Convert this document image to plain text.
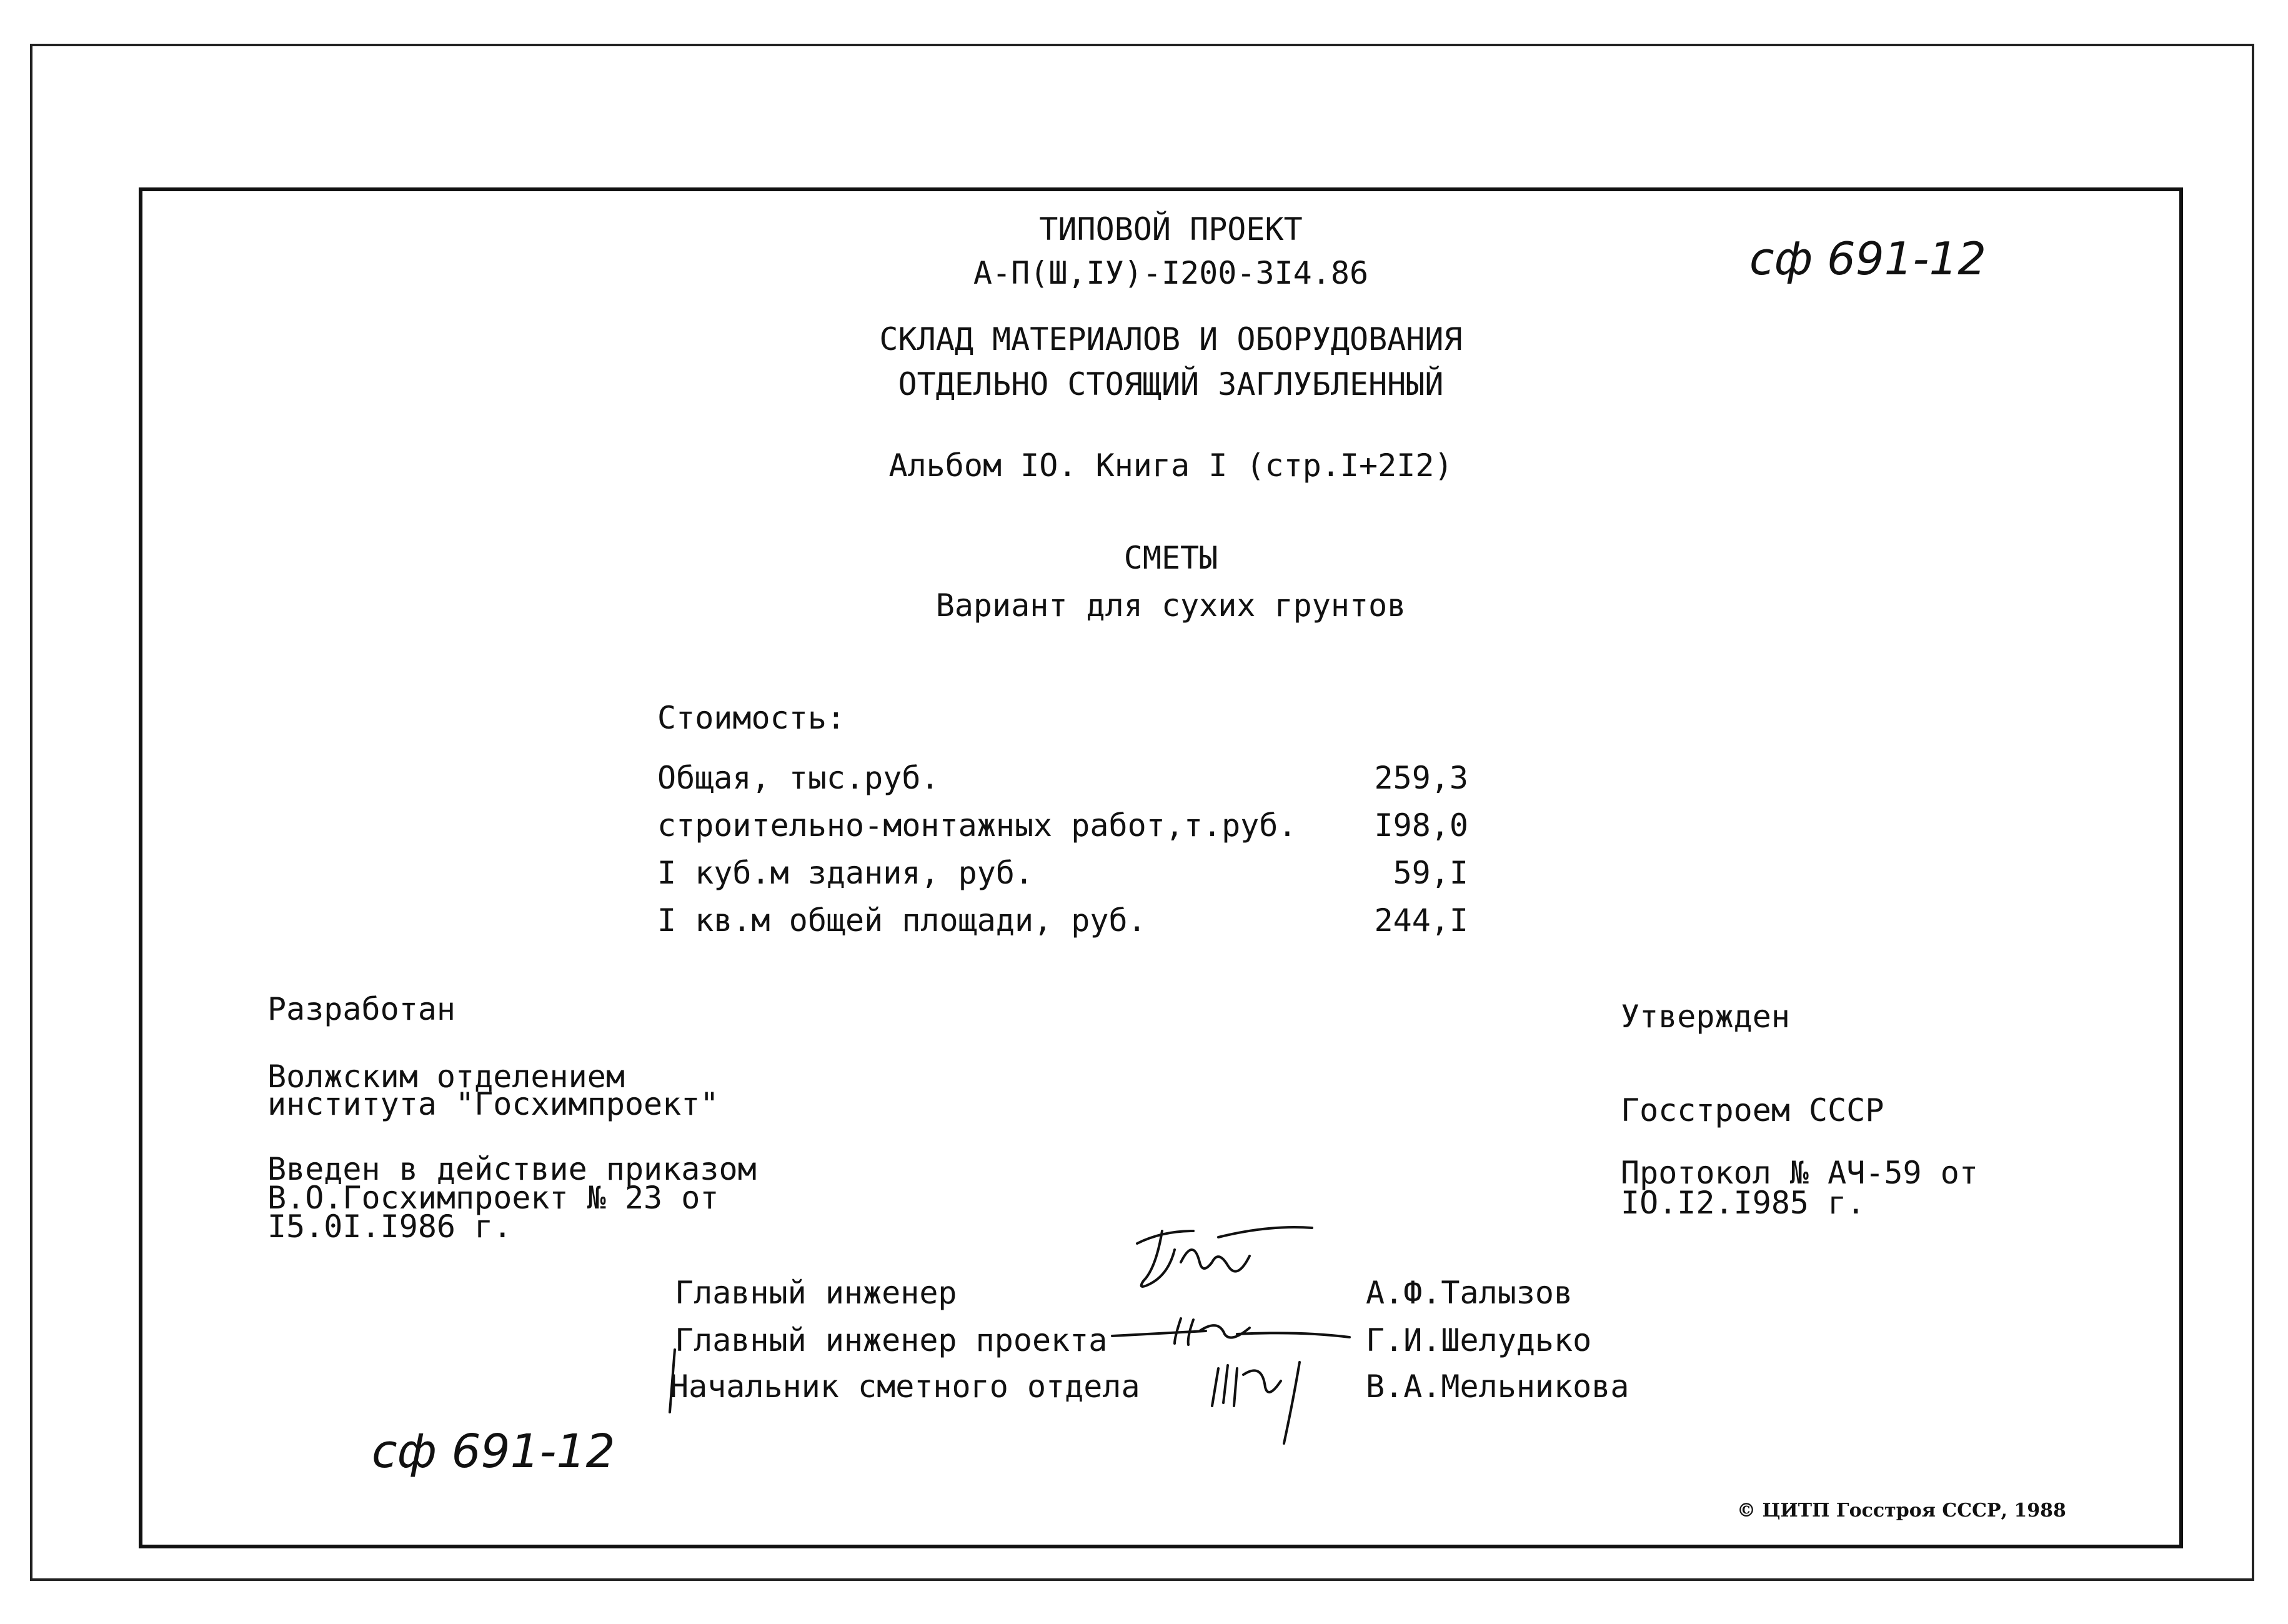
ТИПОВОЙ ПРОЕКТ
А-П(Ш,IУ)-I200-3I4.86
СКЛАД МАТЕРИАЛОВ И ОБОРУДОВАНИЯ
ОТДЕЛЬНО СТОЯЩИЙ ЗАГЛУБЛЕННЫЙ
Альбом IO. Книга I (стр.I+2I2)
СМЕТЫ
Вариант для сухих грунтов
сф 691-12
сф 691-12
Стоимость:
Общая, тыс.руб.	259,3
строительно-монтажных работ,т.руб. I98,0
I куб.м здания, руб.	59,I
I кв.м общей площади, руб.	244,I
Разработан
Волжским отделением
института "Госхимпроект"
Введен в действие приказом
В.О.Госхимпроект № 23 от
I5.0I.I986 г.
Утвержден
Госстроем СССР
Протокол № АЧ-59 от
IO.I2.I985 г.
Главный инженер	А.Ф.Талызов
Главный инженер проекта	Г.И.Шелудько
Начальник сметного отдела	В.А.Мельникова
© ЦИТП Госстроя СССР, 1988
